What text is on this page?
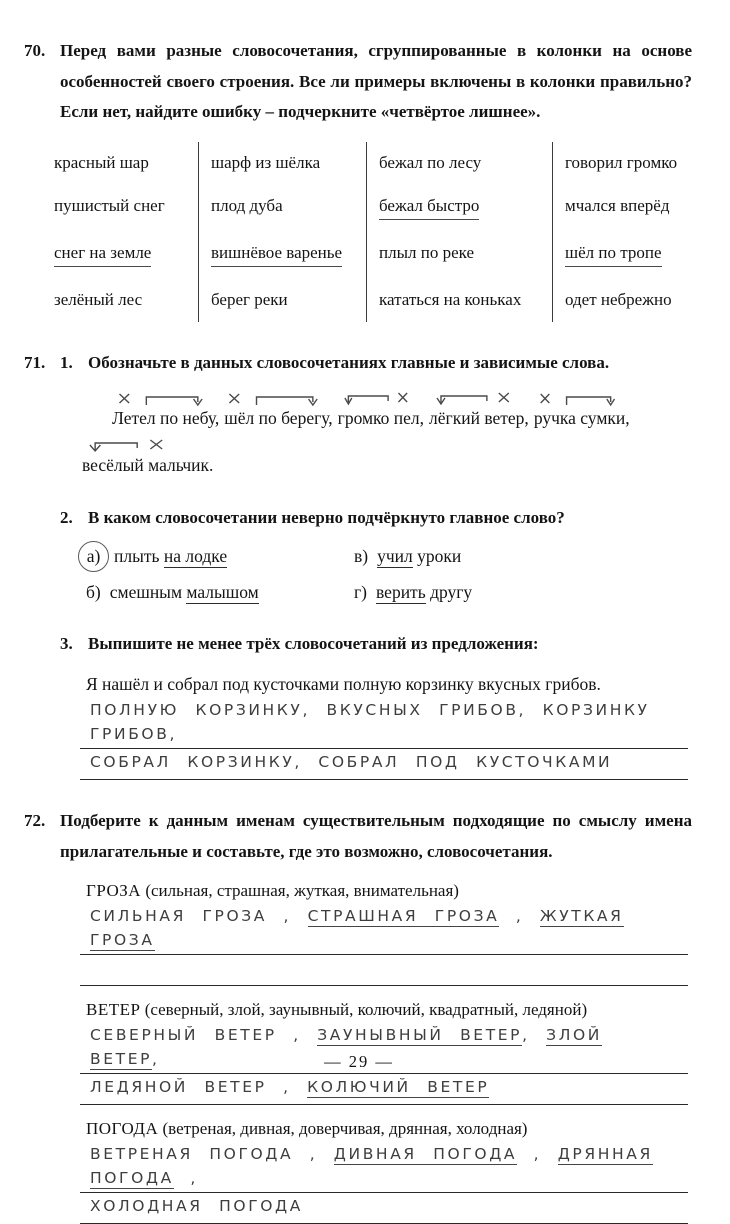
70. Перед вами разные словосочетания, сгруппированные в колонки на основе особенностей своего строения. Все ли примеры включены в колонки правильно? Если нет, найдите ошибку – подчеркните «четвёртое лишнее».

красный шар	шарф из шёлка	бежал по лесу	говорил громко
пушистый снег	плод дуба	бежал быстро	мчался вперёд
снег на земле	вишнёвое варенье	плыл по реке	шёл по тропе
зелёный лес	берег реки	кататься на коньках	одет небрежно
71. 1. Обозначьте в данных словосочетаниях главные и зависимые слова.

Летел по небу, шёл по берегу, громко пел, лёгкий ветер, ручка сумки,
весёлый мальчик.
2. В каком словосочетании неверно подчёркнуто главное слово?

а) плыть на лодке	в) учил уроки
б) смешным малышом	г) верить другу
3. Выпишите не менее трёх словосочетаний из предложения:

Я нашёл и собрал под кусточками полную корзинку вкусных грибов.

ПОЛНУЮ КОРЗИНКУ, ВКУСНЫХ ГРИБОВ, КОРЗИНКУ ГРИБОВ,
СОБРАЛ КОРЗИНКУ, СОБРАЛ ПОД КУСТОЧКАМИ
72. Подберите к данным именам существительным подходящие по смыслу имена прилагательные и составьте, где это возможно, словосочетания.

ГРОЗА (сильная, страшная, жуткая, внимательная)
СИЛЬНАЯ ГРОЗА , СТРАШНАЯ ГРОЗА , ЖУТКАЯ ГРОЗА
ВЕТЕР (северный, злой, заунывный, колючий, квадратный, ледяной)
СЕВЕРНЫЙ ВЕТЕР , ЗАУНЫВНЫЙ ВЕТЕР, ЗЛОЙ ВЕТЕР,
ЛЕДЯНОЙ ВЕТЕР , КОЛЮЧИЙ ВЕТЕР
ПОГОДА (ветреная, дивная, доверчивая, дрянная, холодная)
ВЕТРЕНАЯ ПОГОДА , ДИВНАЯ ПОГОДА , ДРЯННАЯ ПОГОДА ,
ХОЛОДНАЯ ПОГОДА
— 29 —
